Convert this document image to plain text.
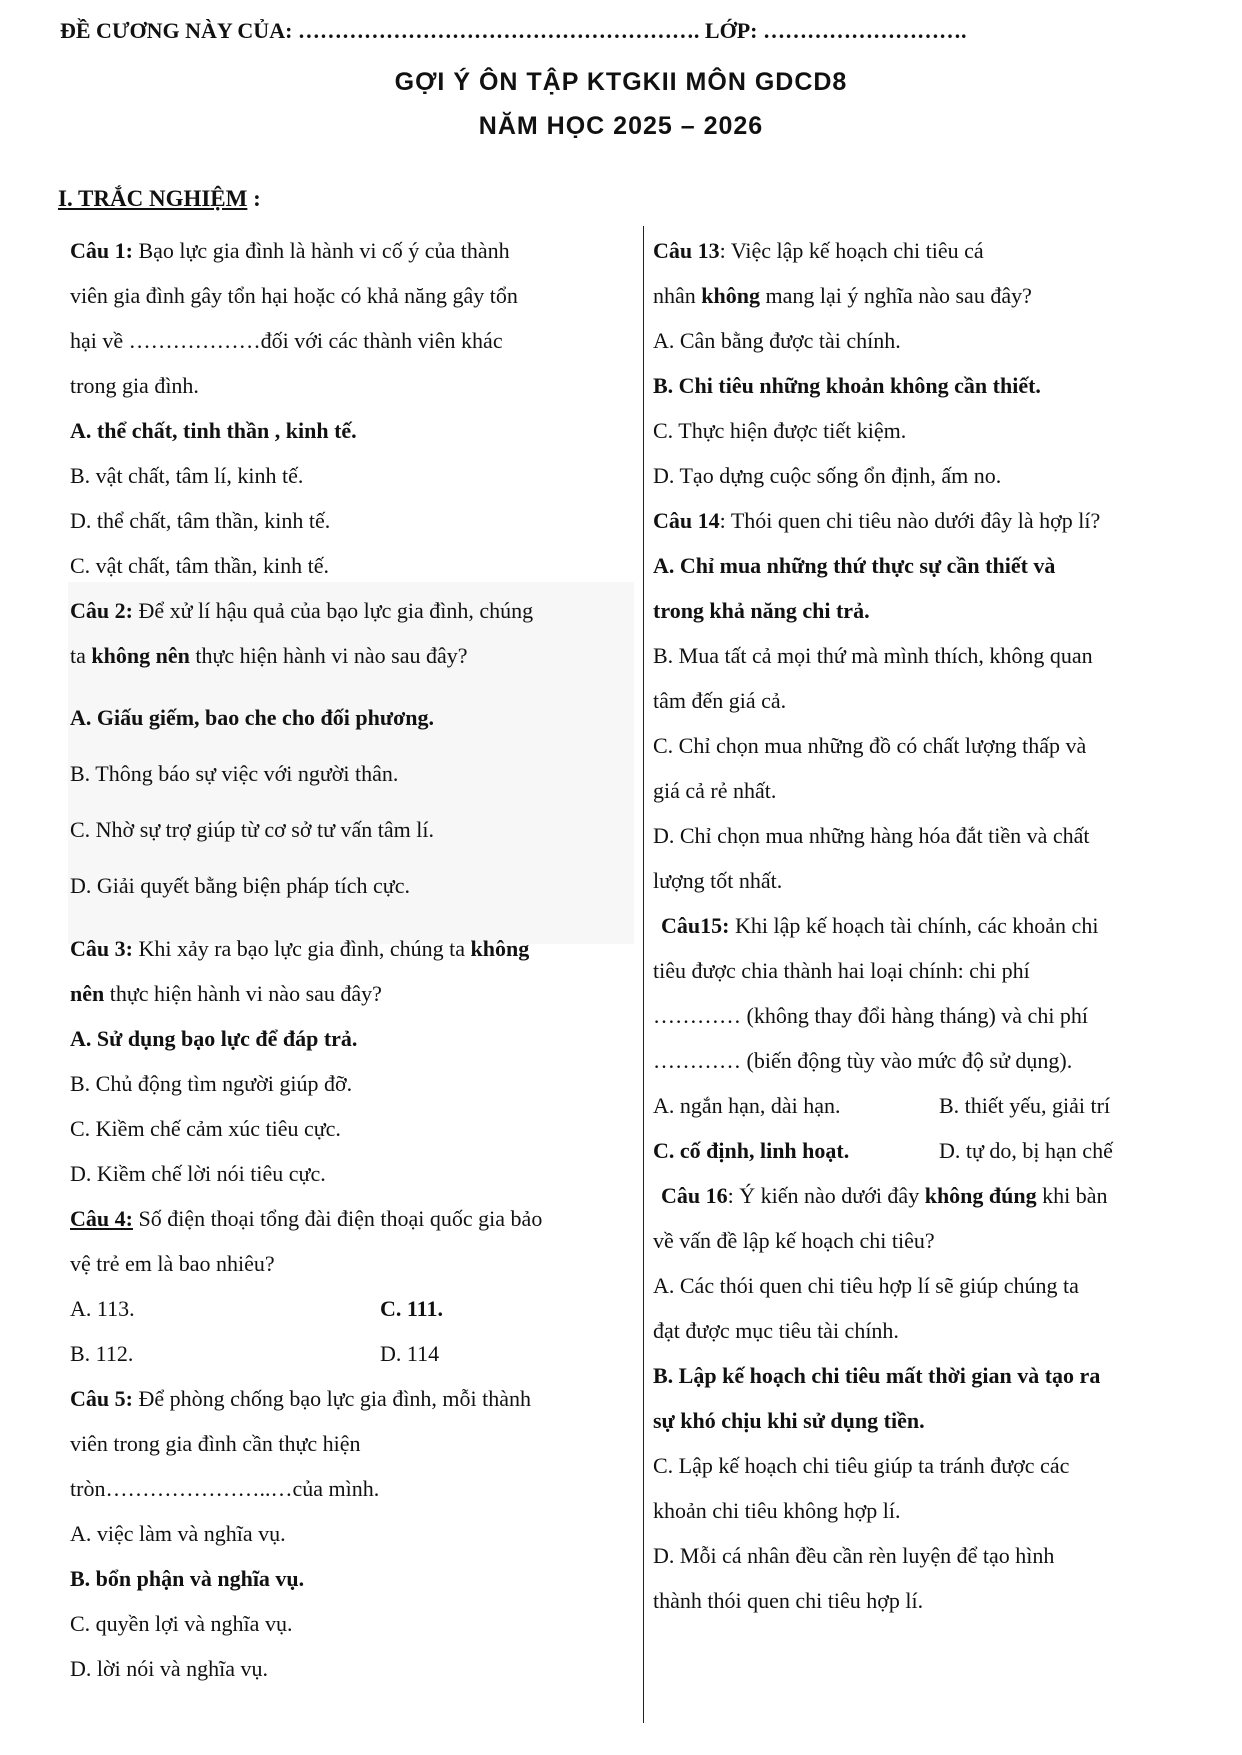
ĐỀ CƯƠNG NÀY CỦA: ………………………………………………. LỚP: ……………………….
GỢI Ý ÔN TẬP KTGKII MÔN GDCD8
NĂM HỌC 2025 – 2026
I. TRẮC NGHIỆM :
Câu 1: Bạo lực gia đình là hành vi cố ý của thành
viên gia đình gây tổn hại hoặc có khả năng gây tổn
hại về ………………đối với các thành viên khác
trong gia đình.
A. thể chất, tinh thần , kinh tế.
B. vật chất, tâm lí, kinh tế.
D. thể chất, tâm thần, kinh tế.
C. vật chất, tâm thần, kinh tế.
Câu 2: Để xử lí hậu quả của bạo lực gia đình, chúng
ta không nên thực hiện hành vi nào sau đây?
A. Giấu giếm, bao che cho đối phương.
B. Thông báo sự việc với người thân.
C. Nhờ sự trợ giúp từ cơ sở tư vấn tâm lí.
D. Giải quyết bằng biện pháp tích cực.
Câu 3: Khi xảy ra bạo lực gia đình, chúng ta không
nên thực hiện hành vi nào sau đây?
A. Sử dụng bạo lực để đáp trả.
B. Chủ động tìm người giúp đỡ.
C. Kiềm chế cảm xúc tiêu cực.
D. Kiềm chế lời nói tiêu cực.
Câu 4: Số điện thoại tổng đài điện thoại quốc gia bảo
vệ trẻ em là bao nhiêu?
A. 113.	C. 111.
B. 112.	D. 114
Câu 5: Để phòng chống bạo lực gia đình, mỗi thành
viên trong gia đình cần thực hiện
tròn…………………..…của mình.
A. việc làm và nghĩa vụ.
B. bổn phận và nghĩa vụ.
C. quyền lợi và nghĩa vụ.
D. lời nói và nghĩa vụ.
Câu 13: Việc lập kế hoạch chi tiêu cá
nhân không mang lại ý nghĩa nào sau đây?
A. Cân bằng được tài chính.
B. Chi tiêu những khoản không cần thiết.
C. Thực hiện được tiết kiệm.
D. Tạo dựng cuộc sống ổn định, ấm no.
Câu 14: Thói quen chi tiêu nào dưới đây là hợp lí?
A. Chỉ mua những thứ thực sự cần thiết và
trong khả năng chi trả.
B. Mua tất cả mọi thứ mà mình thích, không quan
tâm đến giá cả.
C. Chỉ chọn mua những đồ có chất lượng thấp và
giá cả rẻ nhất.
D. Chỉ chọn mua những hàng hóa đắt tiền và chất
lượng tốt nhất.
Câu15: Khi lập kế hoạch tài chính, các khoản chi
tiêu được chia thành hai loại chính: chi phí
………… (không thay đổi hàng tháng) và chi phí
………… (biến động tùy vào mức độ sử dụng).
A. ngắn hạn, dài hạn.	B. thiết yếu, giải trí
C. cố định, linh hoạt.	D. tự do, bị hạn chế
Câu 16: Ý kiến nào dưới đây không đúng khi bàn
về vấn đề lập kế hoạch chi tiêu?
A. Các thói quen chi tiêu hợp lí sẽ giúp chúng ta
đạt được mục tiêu tài chính.
B. Lập kế hoạch chi tiêu mất thời gian và tạo ra
sự khó chịu khi sử dụng tiền.
C. Lập kế hoạch chi tiêu giúp ta tránh được các
khoản chi tiêu không hợp lí.
D. Mỗi cá nhân đều cần rèn luyện để tạo hình
thành thói quen chi tiêu hợp lí.
